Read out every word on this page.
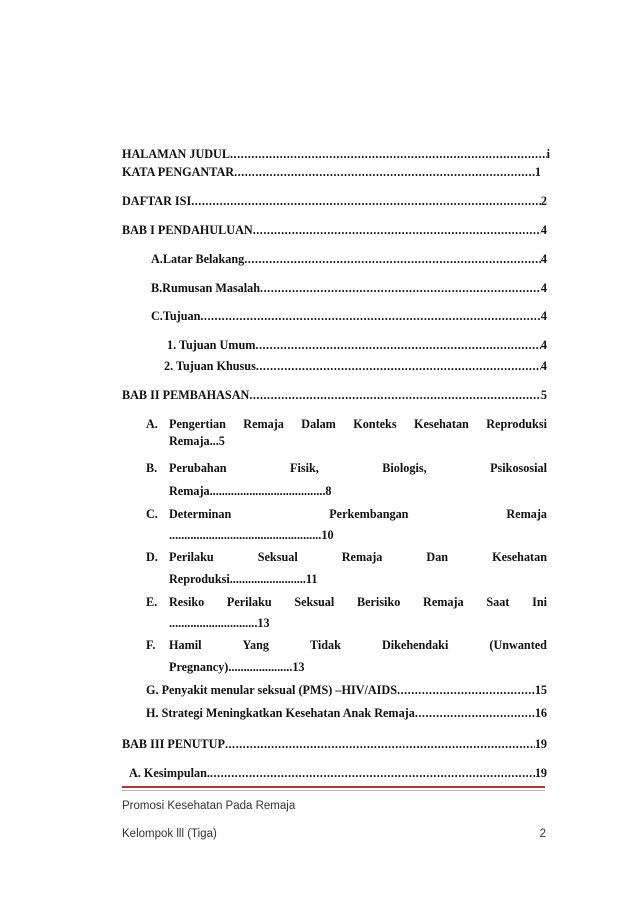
HALAMAN JUDUL .....	i
KATA PENGANTAR .....	1
DAFTAR ISI .....	2
BAB I PENDAHULUAN .....	4
A.Latar Belakang .....	4
B.Rumusan Masalah .....	4
C.Tujuan .....	4
1. Tujuan Umum .....	4
2. Tujuan Khusus .....	4
BAB II PEMBAHASAN .....	5
A. Pengertian Remaja Dalam Konteks Kesehatan Reproduksi
Remaja...5
B. Perubahan	Fisik,	Biologis,	Psikososial
Remaja......................................8
C. Determinan	Perkembangan	Remaja
..................................................10
D. Perilaku	Seksual	Remaja	Dan	Kesehatan
Reproduksi.........................11
E. Resiko Perilaku Seksual Berisiko Remaja Saat Ini
.............................13
F. Hamil	Yang	Tidak	Dikehendaki	(Unwanted
Pregnancy).....................13
G. Penyakit menular seksual (PMS) –HIV/AIDS .....	15
H. Strategi Meningkatkan Kesehatan Anak Remaja .....	16
BAB III PENUTUP .....	19
A. Kesimpulan. .....	19
Promosi Kesehatan Pada Remaja
Kelompok lll (Tiga)	2
